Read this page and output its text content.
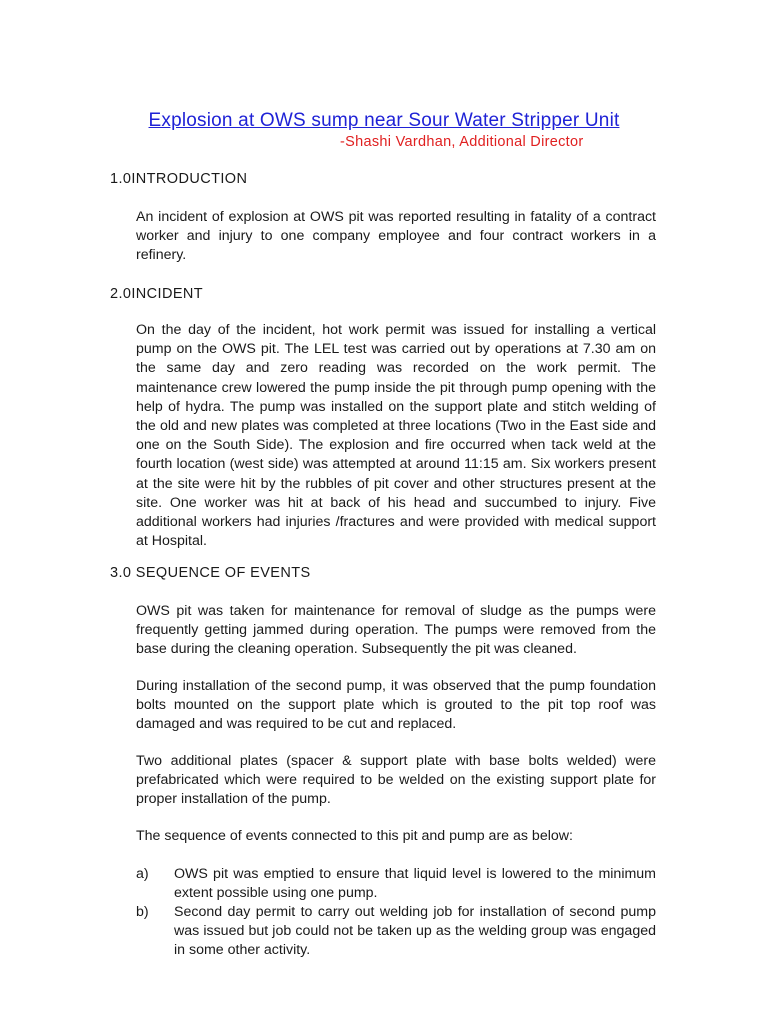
Explosion at OWS sump near Sour Water Stripper Unit
-Shashi Vardhan, Additional Director
1.0INTRODUCTION
An incident of explosion at OWS pit was reported resulting in fatality of a contract worker and injury to one company employee and four contract workers in a refinery.
2.0INCIDENT
On the day of the incident, hot work permit was issued for installing a vertical pump on the OWS pit. The LEL test was carried out by operations at 7.30 am on the same day and zero reading was recorded on the work permit. The maintenance crew lowered the pump inside the pit through pump opening with the help of hydra. The pump was installed on the support plate and stitch welding of the old and new plates was completed at three locations (Two in the East side and one on the South Side). The explosion and fire occurred when tack weld at the fourth location (west side) was attempted at around 11:15 am. Six workers present at the site were hit by the rubbles of pit cover and other structures present at the site. One worker was hit at back of his head and succumbed to injury. Five additional workers had injuries /fractures and were provided with medical support at Hospital.
3.0 SEQUENCE OF EVENTS
OWS pit was taken for maintenance for removal of sludge as the pumps were frequently getting jammed during operation. The pumps were removed from the base during the cleaning operation. Subsequently the pit was cleaned.
During installation of the second pump, it was observed that the pump foundation bolts mounted on the support plate which is grouted to the pit top roof was damaged and was required to be cut and replaced.
Two additional plates (spacer & support plate with base bolts welded) were prefabricated which were required to be welded on the existing support plate for proper installation of the pump.
The sequence of events connected to this pit and pump are as below:
a) OWS pit was emptied to ensure that liquid level is lowered to the minimum extent possible using one pump.
b) Second day permit to carry out welding job for installation of second pump was issued but job could not be taken up as the welding group was engaged in some other activity.
